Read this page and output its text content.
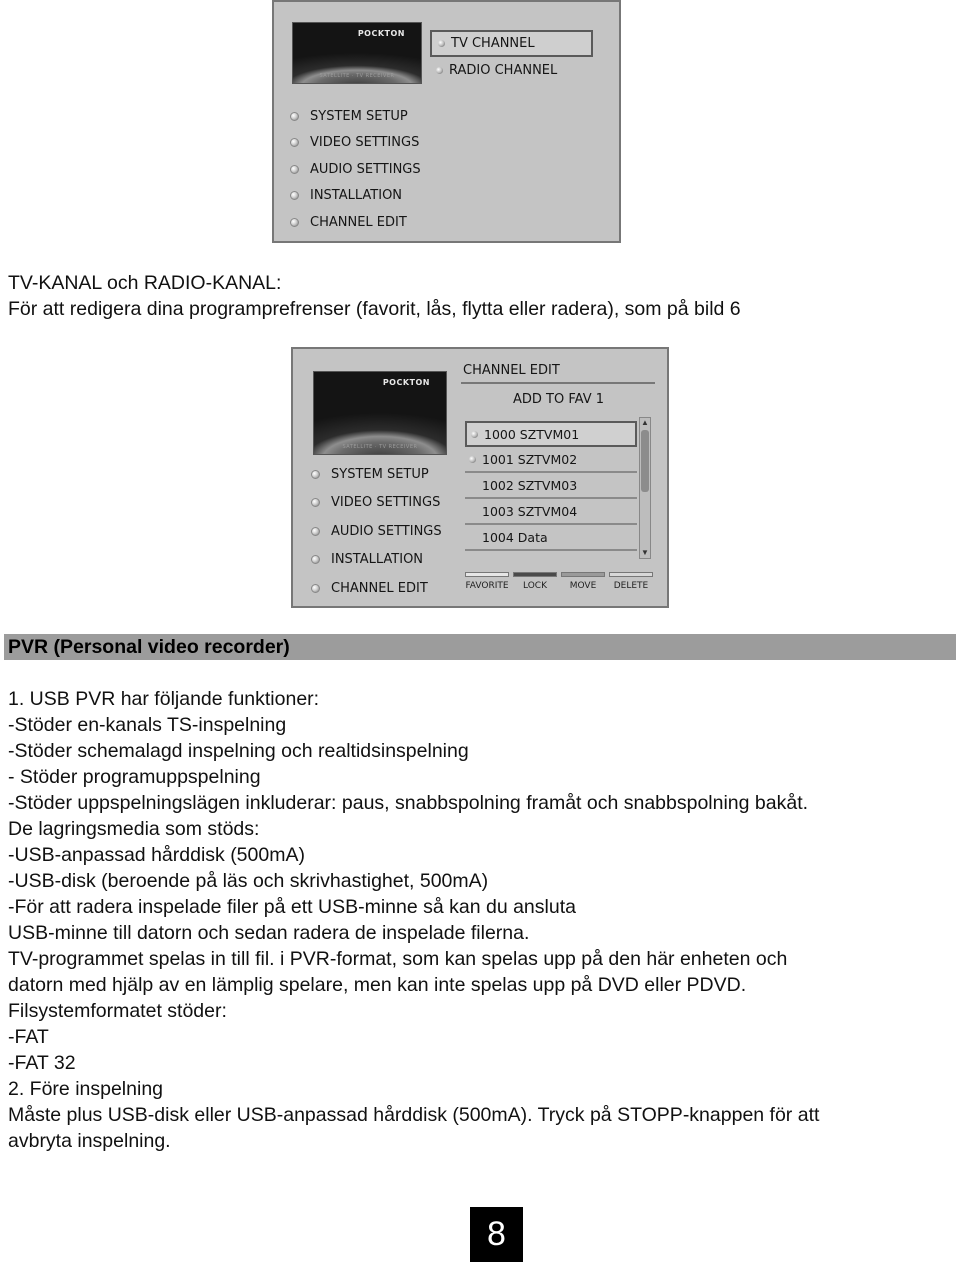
POCKTON
SATELLITE · TV RECEIVER
TV CHANNEL
RADIO CHANNEL
SYSTEM SETUP
VIDEO SETTINGS
AUDIO SETTINGS
INSTALLATION
CHANNEL EDIT
TV-KANAL och RADIO-KANAL:
För att redigera dina programprefrenser (favorit, lås, flytta eller radera), som på bild 6
POCKTON
SATELLITE · TV RECEIVER
SYSTEM SETUP
VIDEO SETTINGS
AUDIO SETTINGS
INSTALLATION
CHANNEL EDIT
CHANNEL EDIT
ADD TO FAV 1
1000 SZTVM01
1001 SZTVM02
1002 SZTVM03
1003 SZTVM04
1004 Data
▲
▼
FAVORITE	LOCK	MOVE	DELETE
PVR (Personal video recorder)
1. USB PVR har följande funktioner:
-Stöder en-kanals TS-inspelning
-Stöder schemalagd inspelning och realtidsinspelning
- Stöder programuppspelning
-Stöder uppspelningslägen inkluderar: paus, snabbspolning framåt och snabbspolning bakåt.
De lagringsmedia som stöds:
-USB-anpassad hårddisk (500mA)
-USB-disk (beroende på läs och skrivhastighet, 500mA)
-För att radera inspelade filer på ett USB-minne så kan du ansluta
USB-minne till datorn och sedan radera de inspelade filerna.
TV-programmet spelas in till fil. i PVR-format, som kan spelas upp på den här enheten och
datorn med hjälp av en lämplig spelare, men kan inte spelas upp på DVD eller PDVD.
Filsystemformatet stöder:
-FAT
-FAT 32
2. Före inspelning
Måste plus USB-disk eller USB-anpassad hårddisk (500mA). Tryck på STOPP-knappen för att
avbryta inspelning.
8
